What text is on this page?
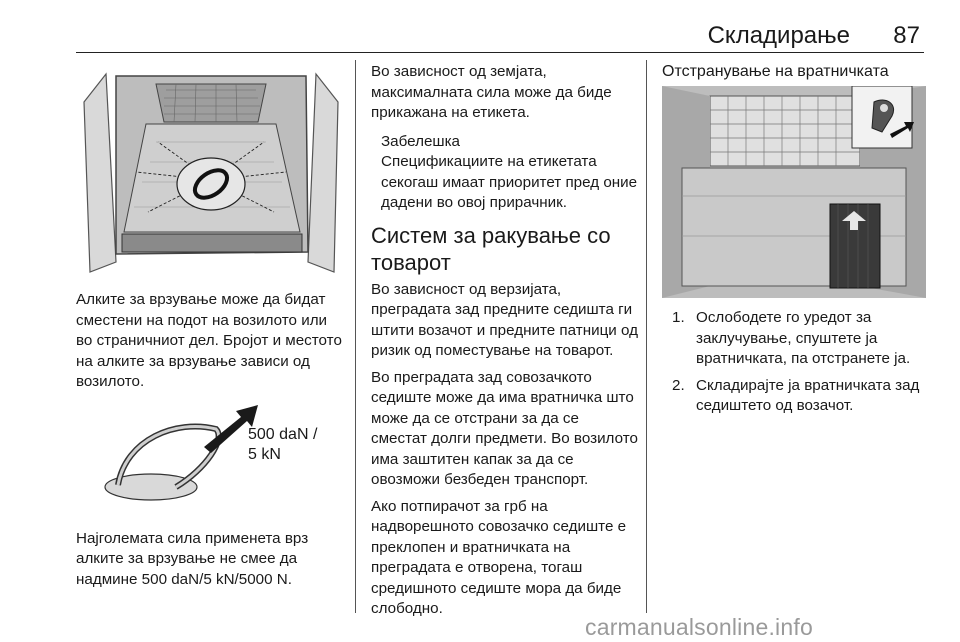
Складирање 87

Алките за врзување може да бидат сместени на подот на возилото или во страничниот дел. Бројот и местото на алките за врзување зависи од возилото.

500 daN /
5 kN

Најголемата сила применета врз алките за врзување не смее да надмине 500 daN/5 kN/5000 N.

Во зависност од земјата, максималната сила може да биде прикажана на етикета.

Забелешка
Спецификациите на етикетата секогаш имаат приоритет пред оние дадени во овој прирачник.
Систем за ракување со товарот

Во зависност од верзијата, преградата зад предните седишта ги штити возачот и предните патници од ризик од поместување на товарот.

Во преградата зад совозачкото седиште може да има вратничка што може да се отстрани за да се сместат долги предмети. Во возилото има заштитен капак за да се овозможи безбеден транспорт.

Ако потпирачот за грб на надворешното совозачко седиште е преклопен и вратничката на преградата е отворена, тогаш средишното седиште мора да биде слободно.

Отстранување на вратничката
1. Ослободете го уредот за заклучување, спуштете ја вратничката, па отстранете ја.
2. Складирајте ја вратничката зад седиштето од возачот.
carmanualsonline.info
